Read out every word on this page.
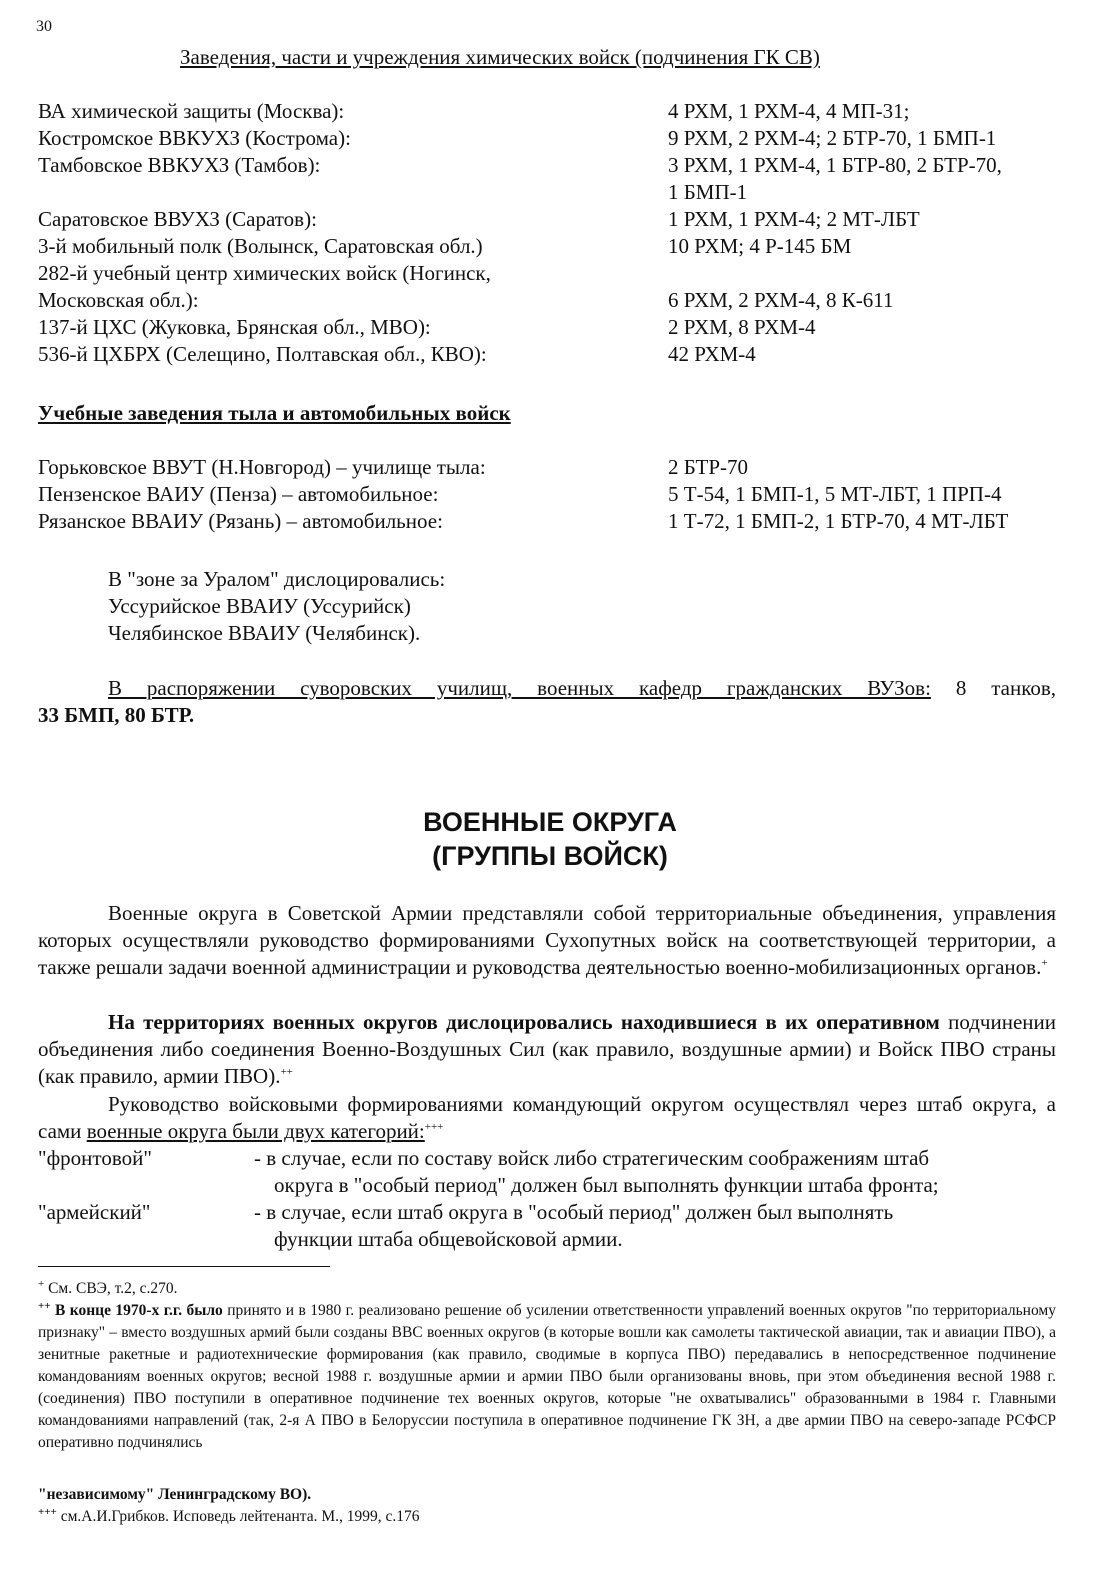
30
Заведения, части и учреждения химических войск (подчинения ГК СВ)
ВА химической защиты (Москва):	4 РХМ, 1 РХМ-4, 4 МП-31;
Костромское ВВКУХЗ (Кострома):	9 РХМ, 2 РХМ-4; 2 БТР-70, 1 БМП-1
Тамбовское ВВКУХЗ (Тамбов):	3 РХМ, 1 РХМ-4, 1 БТР-80, 2 БТР-70,
1 БМП-1
Саратовское ВВУХЗ (Саратов):	1 РХМ, 1 РХМ-4; 2 МТ-ЛБТ
3-й мобильный полк (Волынск, Саратовская обл.)	10 РХМ; 4 Р-145 БМ
282-й учебный центр химических войск (Ногинск,
Московская обл.):	6 РХМ, 2 РХМ-4, 8 К-611
137-й ЦХС (Жуковка, Брянская обл., МВО):	2 РХМ, 8 РХМ-4
536-й ЦХБРХ (Селещино, Полтавская обл., КВО):	42 РХМ-4
Учебные заведения тыла и автомобильных войск
Горьковское ВВУТ (Н.Новгород) – училище тыла:	2 БТР-70
Пензенское ВАИУ (Пенза) – автомобильное:	5 Т-54, 1 БМП-1, 5 МТ-ЛБТ, 1 ПРП-4
Рязанское ВВАИУ (Рязань) – автомобильное:	1 Т-72, 1 БМП-2, 1 БТР-70, 4 МТ-ЛБТ
В "зоне за Уралом" дислоцировались:
Уссурийское ВВАИУ (Уссурийск)
Челябинское ВВАИУ (Челябинск).
В распоряжении суворовских училищ, военных кафедр гражданских ВУЗов: 8 танков,
33 БМП, 80 БТР.
ВОЕННЫЕ ОКРУГА
(ГРУППЫ ВОЙСК)
Военные округа в Советской Армии представляли собой территориальные объединения, управления которых осуществляли руководство формированиями Сухопутных войск на соответствующей территории, а также решали задачи военной администрации и руководства деятельностью военно-мобилизационных органов.+
На территориях военных округов дислоцировались находившиеся в их оперативном подчинении объединения либо соединения Военно-Воздушных Сил (как правило, воздушные армии) и Войск ПВО страны (как правило, армии ПВО).++
Руководство войсковыми формированиями командующий округом осуществлял через штаб округа, а сами военные округа были двух категорий:+++
"фронтовой"	- в случае, если по составу войск либо стратегическим соображениям штаб
округа в "особый период" должен был выполнять функции штаба фронта;
"армейский"	- в случае, если штаб округа в "особый период" должен был выполнять
функции штаба общевойсковой армии.
+ См. СВЭ, т.2, с.270.
++ В конце 1970-х г.г. было принято и в 1980 г. реализовано решение об усилении ответственности управлений военных округов "по территориальному признаку" – вместо воздушных армий были созданы ВВС военных округов (в которые вошли как самолеты тактической авиации, так и авиации ПВО), а зенитные ракетные и радиотехнические формирования (как правило, сводимые в корпуса ПВО) передавались в непосредственное подчинение командованиям военных округов; весной 1988 г. воздушные армии и армии ПВО были организованы вновь, при этом объединения весной 1988 г. (соединения) ПВО поступили в оперативное подчинение тех военных округов, которые "не охватывались" образованными в 1984 г. Главными командованиями направлений (так, 2-я А ПВО в Белоруссии поступила в оперативное подчинение ГК ЗН, а две армии ПВО на северо-западе РСФСР оперативно подчинялись
"независимому" Ленинградскому ВО).
+++ см.А.И.Грибков. Исповедь лейтенанта. М., 1999, с.176
